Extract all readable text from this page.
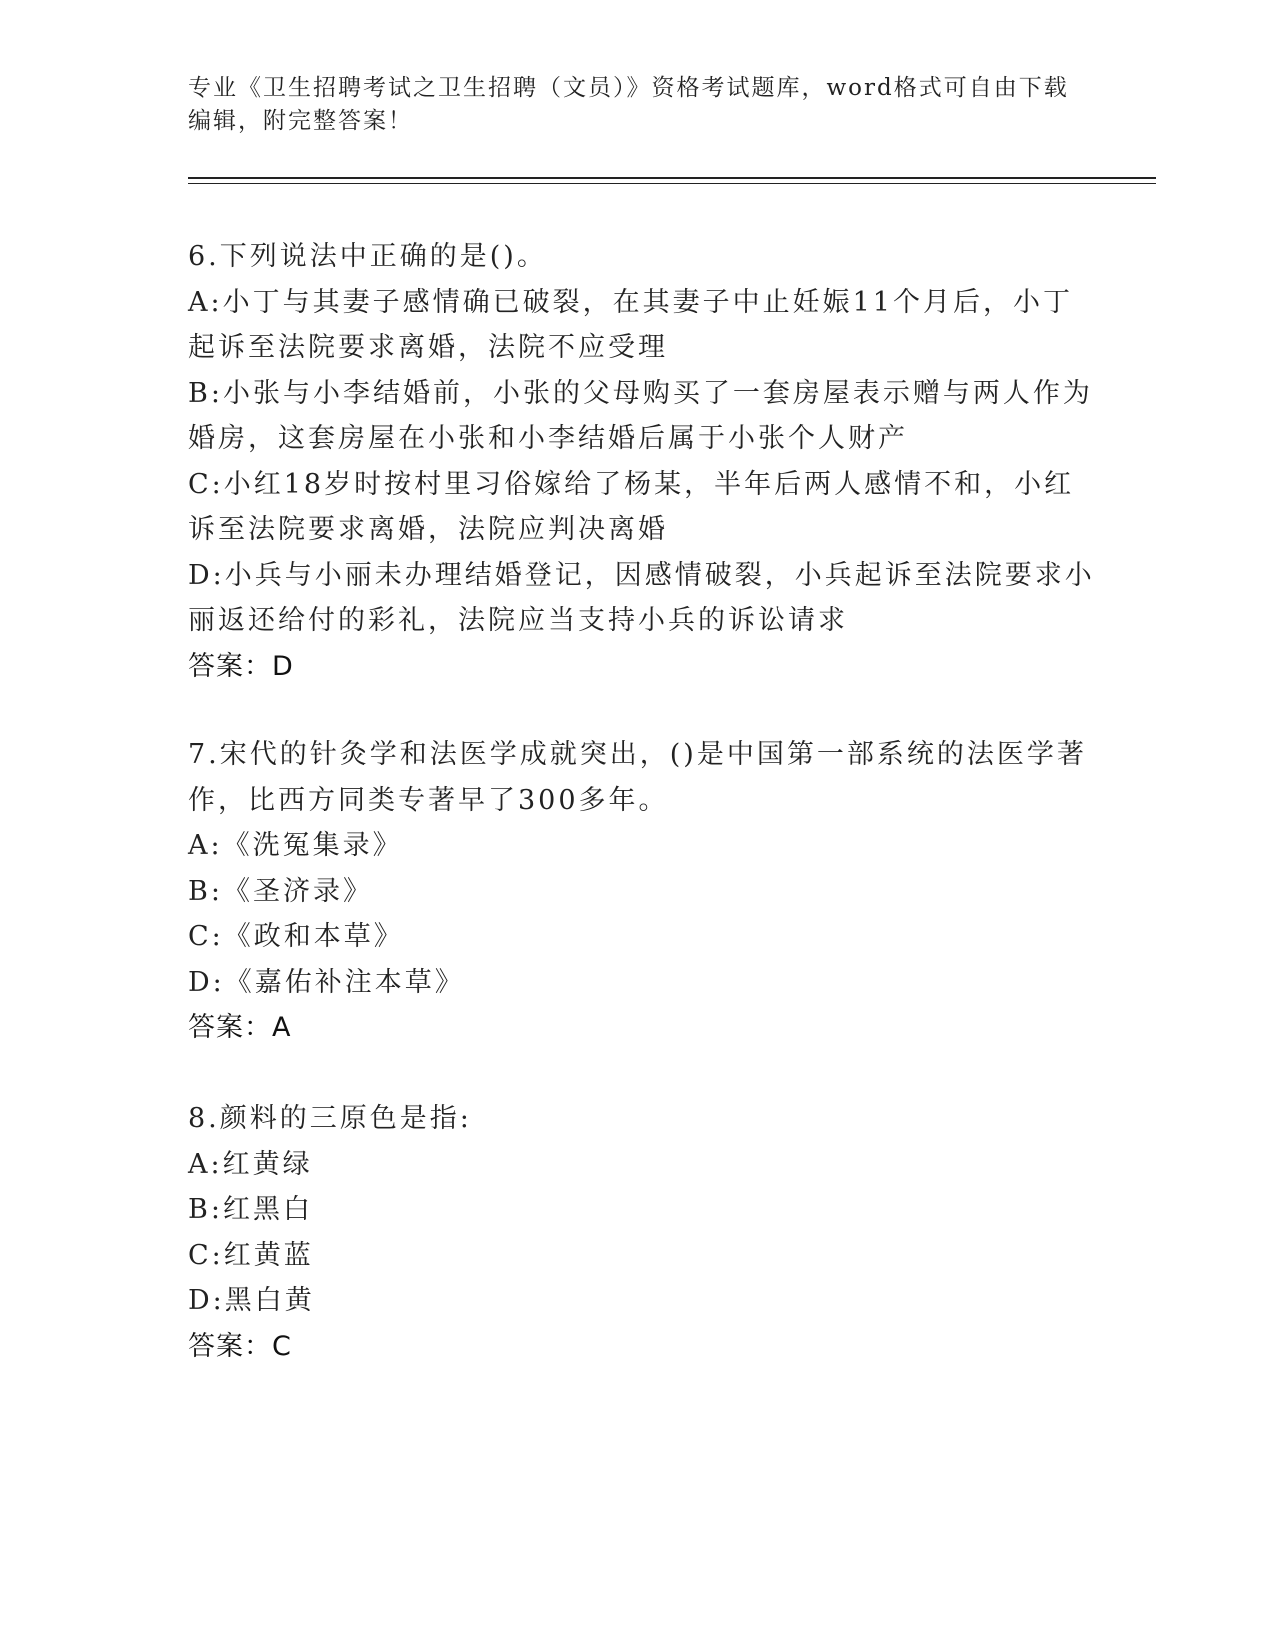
专业《卫生招聘考试之卫生招聘（文员）》资格考试题库，word格式可自由下载
编辑，附完整答案！
6.下列说法中正确的是()。
A:小丁与其妻子感情确已破裂，在其妻子中止妊娠11个月后，小丁
起诉至法院要求离婚，法院不应受理
B:小张与小李结婚前，小张的父母购买了一套房屋表示赠与两人作为
婚房，这套房屋在小张和小李结婚后属于小张个人财产
C:小红18岁时按村里习俗嫁给了杨某，半年后两人感情不和，小红
诉至法院要求离婚，法院应判决离婚
D:小兵与小丽未办理结婚登记，因感情破裂，小兵起诉至法院要求小
丽返还给付的彩礼，法院应当支持小兵的诉讼请求
答案：D
7.宋代的针灸学和法医学成就突出，()是中国第一部系统的法医学著
作，比西方同类专著早了300多年。
A:《洗冤集录》
B:《圣济录》
C:《政和本草》
D:《嘉佑补注本草》
答案：A
8.颜料的三原色是指:
A:红黄绿
B:红黑白
C:红黄蓝
D:黑白黄
答案：C
